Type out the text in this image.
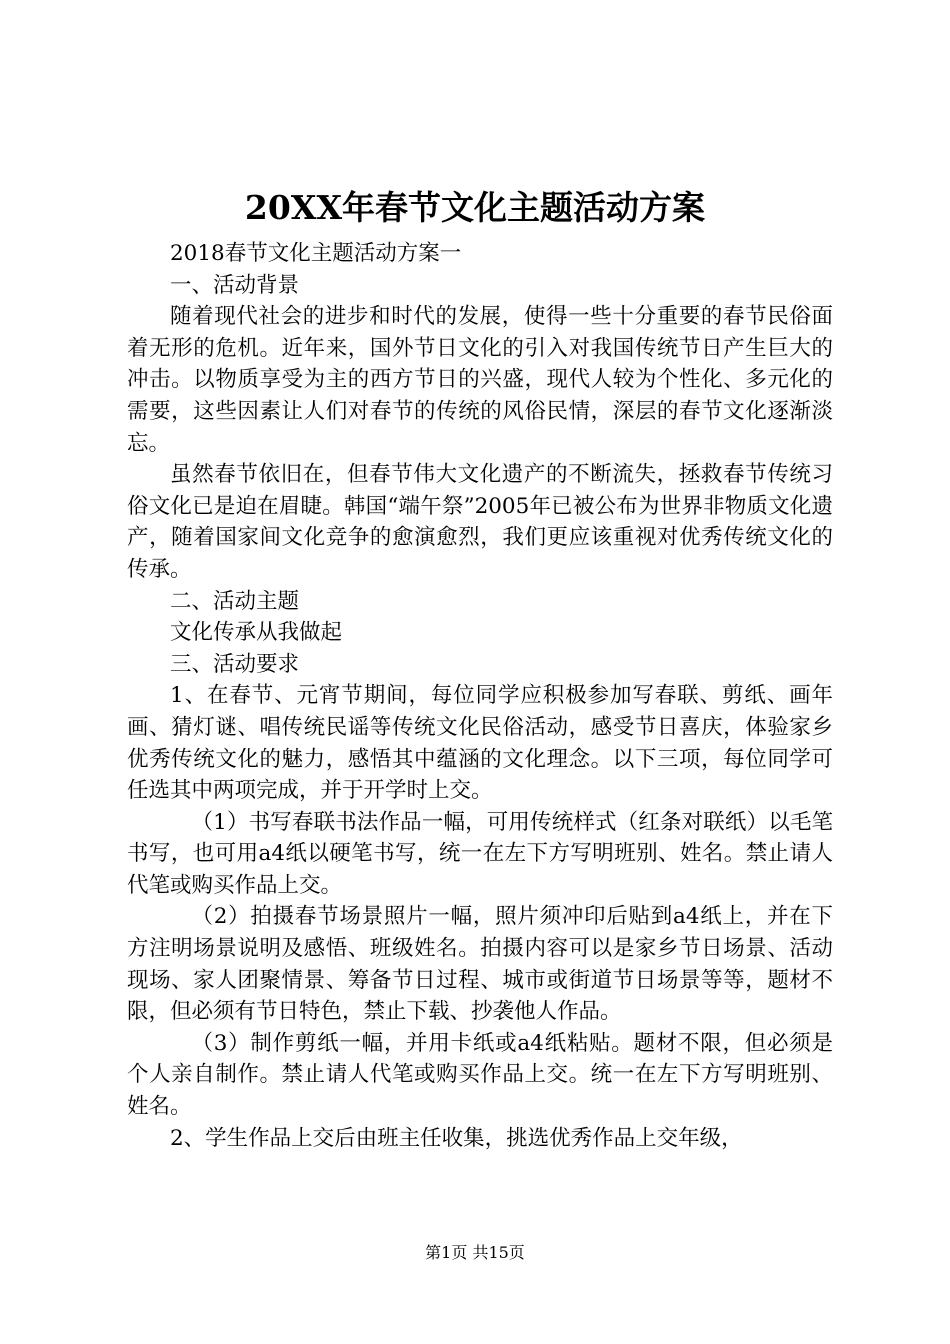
20XX年春节文化主题活动方案

2018春节文化主题活动方案一

一、活动背景

随着现代社会的进步和时代的发展，使得一些十分重要的春节民俗面着无形的危机。近年来，国外节日文化的引入对我国传统节日产生巨大的冲击。以物质享受为主的西方节日的兴盛，现代人较为个性化、多元化的需要，这些因素让人们对春节的传统的风俗民情，深层的春节文化逐渐淡忘。

虽然春节依旧在，但春节伟大文化遗产的不断流失，拯救春节传统习俗文化已是迫在眉睫。韩国“端午祭”2005年已被公布为世界非物质文化遗产，随着国家间文化竞争的愈演愈烈，我们更应该重视对优秀传统文化的传承。

二、活动主题

文化传承从我做起

三、活动要求

1、在春节、元宵节期间，每位同学应积极参加写春联、剪纸、画年画、猜灯谜、唱传统民谣等传统文化民俗活动，感受节日喜庆，体验家乡优秀传统文化的魅力，感悟其中蕴涵的文化理念。以下三项，每位同学可任选其中两项完成，并于开学时上交。

（1）书写春联书法作品一幅，可用传统样式（红条对联纸）以毛笔书写，也可用a4纸以硬笔书写，统一在左下方写明班别、姓名。禁止请人代笔或购买作品上交。

（2）拍摄春节场景照片一幅，照片须冲印后贴到a4纸上，并在下方注明场景说明及感悟、班级姓名。拍摄内容可以是家乡节日场景、活动现场、家人团聚情景、筹备节日过程、城市或街道节日场景等等，题材不限，但必须有节日特色，禁止下载、抄袭他人作品。

（3）制作剪纸一幅，并用卡纸或a4纸粘贴。题材不限，但必须是个人亲自制作。禁止请人代笔或购买作品上交。统一在左下方写明班别、姓名。

2、学生作品上交后由班主任收集，挑选优秀作品上交年级，

第1页 共15页
